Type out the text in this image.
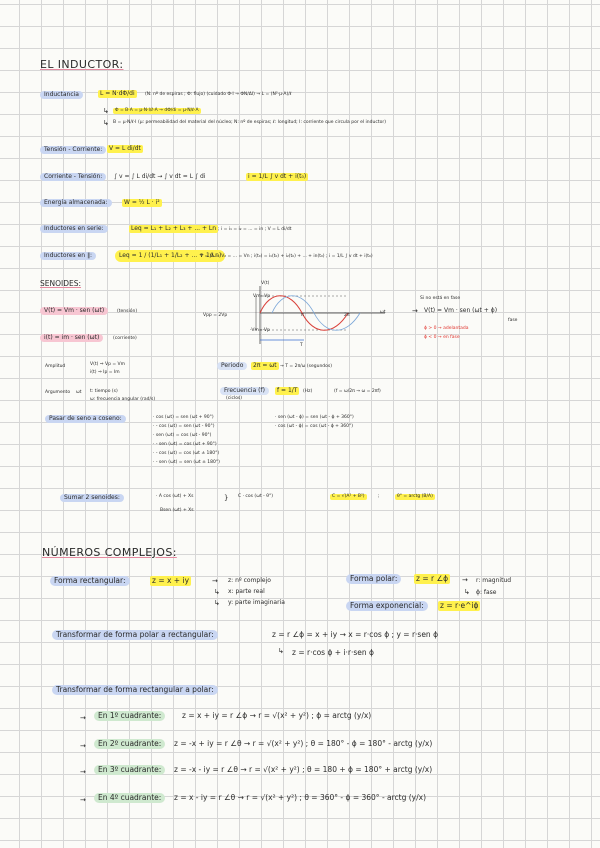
EL INDUCTOR:
Inductancia	L = N·dΦ/di	(N: nº de espiras ; Φ: flujo) (cuidado Φ·I → ΦN/ΔI) → L = (N²·μ·A)/ℓ
↳	Φ = B·A = μ·N·I/ℓ·A → dΦ/di = μ·N/ℓ·A
↳ B = μ·N/ℓ·I (μ: permeabilidad del material del núcleo; N: nº de espiras; ℓ: longitud; I: corriente que circula por el inductor)
Tensión - Corriente:	V = L di/dt
Corriente - Tensión:	∫ v = ∫ L di/dt → ∫ v dt = L ∫ di	i = 1/L ∫ v dt + i(t₀)
Energía almacenada:	W = ½ L · i²
Inductores en serie:	Leq = L₁ + L₂ + L₃ + ... + Ln ; i = i₁ = i₂ = ... = in ; V = L di/dt
Inductores en ∥:	Leq = 1 / (1/L₁ + 1/L₂ + ... + 1/Ln)
V = V₁ = V₂ = ... = Vn ; i(t₀) = i₁(t₀) + i₂(t₀) + ... + in(t₀) ; i = 1/L ∫ v dt + i(t₀)
SENOIDES:
V(t) = Vm · sen (ωt)	(tensión)
i(t) = im · sen (ωt)	(corriente)
V(t)
Vpp = 2Vp
Vm=Vp
-Vm=-Vp
ωt
T
π	2π
Si no está en fase
→ V(t) = Vm · sen (ωt + ϕ)
fase
ϕ > 0 → adelantada
ϕ < 0 → en fase
Amplitud	V(t) ⇒ Vp = Vm
i(t) ⇒ Ip = Im
Periodo	2π = ωt → T = 2π/ω (segundos)
Argumento ωt t: tiempo (s)
ω: frecuencia angular (rad/s)
Frecuencia (f)	f = 1/T	(Hz)
(ciclos)
(f = ω/2π → ω = 2πf)
Pasar de seno a coseno:	· cos (ωt) = sen (ωt + 90°)
· - cos (ωt) = sen (ωt - 90°)
· sen (ωt) = cos (ωt - 90°)
· - sen (ωt) = cos (ωt + 90°)
· - cos (ωt) = cos (ωt ± 180°)
· - sen (ωt) = sen (ωt ± 180°)
· sen (ωt - ϕ) = sen (ωt - ϕ + 360°)
· cos (ωt - ϕ) = cos (ωt - ϕ + 360°)
Sumar 2 senoides:	· A cos (ωt) + Xs
Bsen (ωt) + Xs
} C · cos (ωt - θ°)	C = √(A² + B²)	;	θ° = arctg (B/A)
NÚMEROS COMPLEJOS:
Forma rectangular:	z = x + iy	→ z: nº complejo
↳ x: parte real
↳ y: parte imaginaria
Forma polar:	z = r ∠ϕ → r: magnitud
↳ ϕ: fase
Forma exponencial:	z = r·e^iϕ
Transformar de forma polar a rectangular:	z = r ∠ϕ = x + iy → x = r·cos ϕ ; y = r·sen ϕ
↳ z = r·cos ϕ + i·r·sen ϕ
Transformar de forma rectangular a polar:
→	En 1º cuadrante:	z = x + iy = r ∠ϕ → r = √(x² + y²) ; ϕ = arctg (y/x)
→	En 2º cuadrante:	z = -x + iy = r ∠θ → r = √(x² + y²) ; θ = 180° - ϕ = 180° - arctg (y/x)
→	En 3º cuadrante:	z = -x - iy = r ∠θ → r = √(x² + y²) ; θ = 180 + ϕ = 180° + arctg (y/x)
→	En 4º cuadrante:	z = x - iy = r ∠θ → r = √(x² + y²) ; θ = 360° - ϕ = 360° - arctg (y/x)
